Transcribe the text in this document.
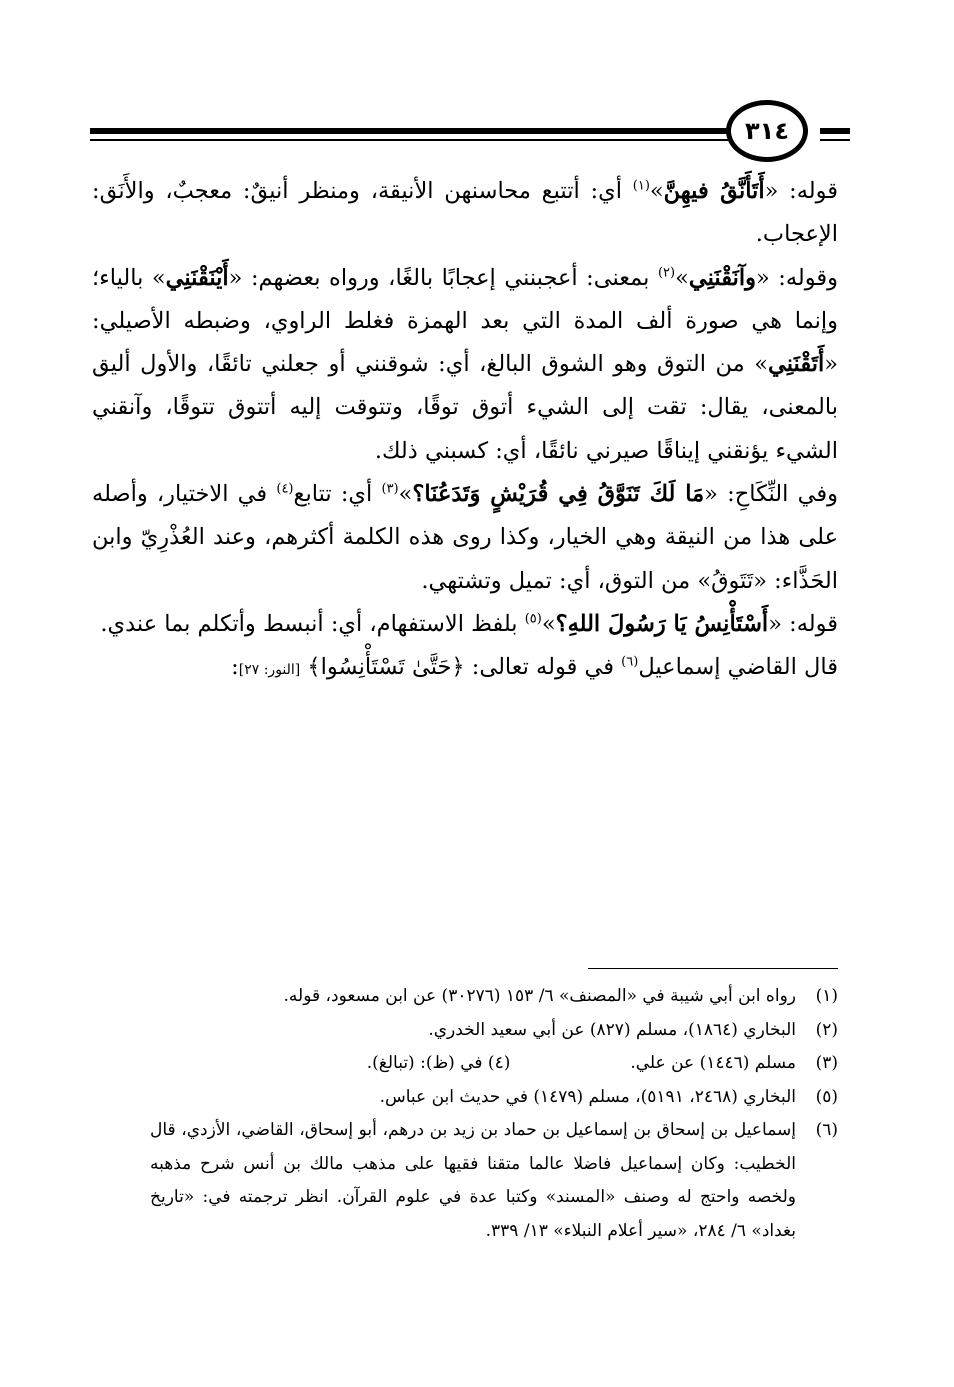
٣١٤

قوله: «أَتَأَنَّقُ فيهِنَّ»$^{(١)}$ أي: أتتبع محاسنهن الأنيقة، ومنظر أنيقٌ: معجبٌ، والأَنَق: الإعجاب.

وقوله: «وآنَقْنَنِي»$^{(٢)}$ بمعنى: أعجبنني إعجابًا بالغًا، ورواه بعضهم: «أَيْنَقْنَنِي» بالياء؛ وإنما هي صورة ألف المدة التي بعد الهمزة فغلط الراوي، وضبطه الأصيلي: «أَتَقْنَنِي» من التوق وهو الشوق البالغ، أي: شوقنني أو جعلني تائقًا، والأول أليق بالمعنى، يقال: تقت إلى الشيء أتوق توقًا، وتتوقت إليه أتتوق تتوقًا، وآنقني الشيء يؤنقني إيناقًا صيرني نائقًا، أي: كسبني ذلك.

وفي النِّكَاحِ: «مَا لَكَ تَنَوَّقُ فِي قُرَيْشٍ وَتَدَعُنَا؟»$^{(٣)}$ أي: تتابع$^{(٤)}$ في الاختيار، وأصله على هذا من النيقة وهي الخيار، وكذا روى هذه الكلمة أكثرهم، وعند العُذْرِيّ وابن الحَذَّاء: «تَتَوقُ» من التوق، أي: تميل وتشتهي.

قوله: «أَسْتَأْنِسُ يَا رَسُولَ اللهِ؟»$^{(٥)}$ بلفظ الاستفهام، أي: أنبسط وأتكلم بما عندي.

قال القاضي إسماعيل$^{(٦)}$ في قوله تعالى: ﴿حَتَّىٰ تَسْتَأْنِسُوا﴾ [النور: ٢٧]:

(١)
رواه ابن أبي شيبة في «المصنف» ٦/ ١٥٣ (٣٠٢٧٦) عن ابن مسعود، قوله.
(٢)
البخاري (١٨٦٤)، مسلم (٨٢٧) عن أبي سعيد الخدري.
(٣)
مسلم (١٤٤٦) عن علي.(٤) في (ظ): (تبالغ).
(٥)
البخاري (٢٤٦٨، ٥١٩١)، مسلم (١٤٧٩) في حديث ابن عباس.
(٦)
إسماعيل بن إسحاق بن إسماعيل بن حماد بن زيد بن درهم، أبو إسحاق، القاضي، الأزدي، قال الخطيب: وكان إسماعيل فاضلا عالما متقنا فقيها على مذهب مالك بن أنس شرح مذهبه ولخصه واحتج له وصنف «المسند» وكتبا عدة في علوم القرآن. انظر ترجمته في: «تاريخ بغداد» ٦/ ٢٨٤، «سير أعلام النبلاء» ١٣/ ٣٣٩.
